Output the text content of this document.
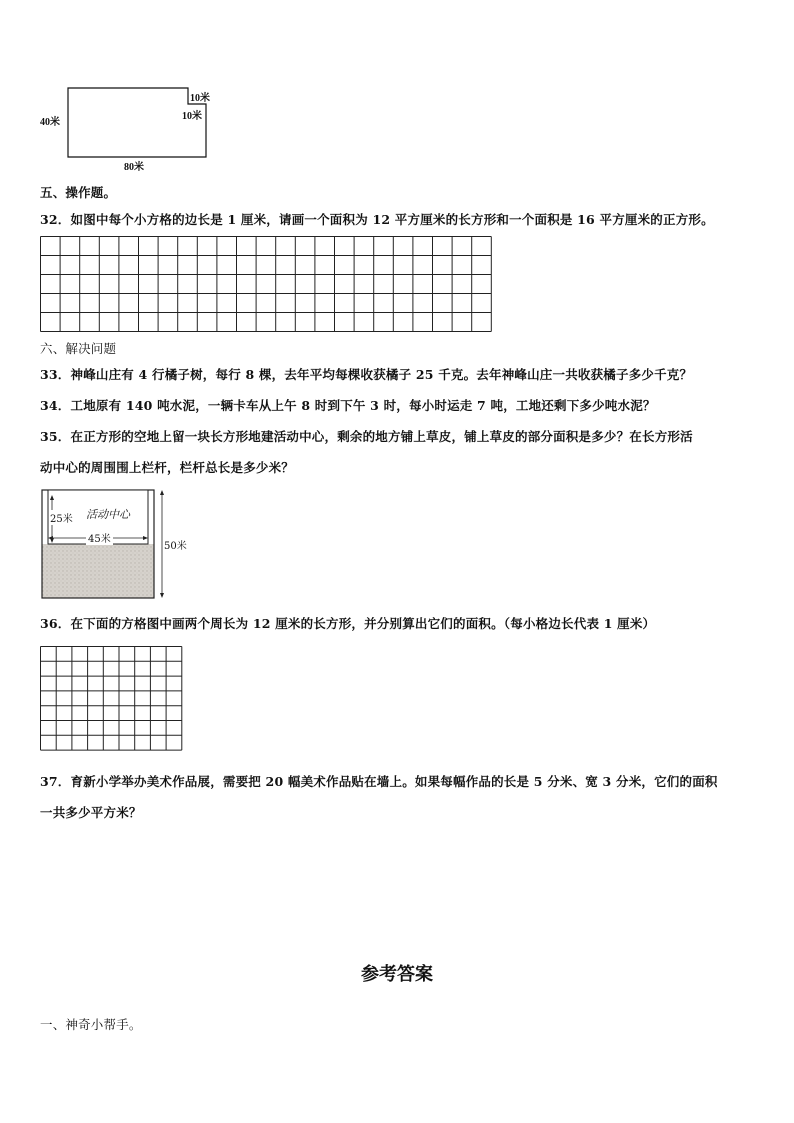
40米
10米
10米
80米
五、操作题。
32．如图中每个小方格的边长是 1 厘米，请画一个面积为 12 平方厘米的长方形和一个面积是 16 平方厘米的正方形。
六、解决问题
33．神峰山庄有 4 行橘子树，每行 8 棵，去年平均每棵收获橘子 25 千克。去年神峰山庄一共收获橘子多少千克？
34．工地原有 140 吨水泥，一辆卡车从上午 8 时到下午 3 时，每小时运走 7 吨，工地还剩下多少吨水泥？
35．在正方形的空地上留一块长方形地建活动中心，剩余的地方铺上草皮，铺上草皮的部分面积是多少？在长方形活
动中心的周围围上栏杆，栏杆总长是多少米？
25米 活动中心
45米
50米
36．在下面的方格图中画两个周长为 12 厘米的长方形，并分别算出它们的面积。（每小格边长代表 1 厘米）
37．育新小学举办美术作品展，需要把 20 幅美术作品贴在墙上。如果每幅作品的长是 5 分米、宽 3 分米，它们的面积
一共多少平方米？
参考答案
一、神奇小帮手。
